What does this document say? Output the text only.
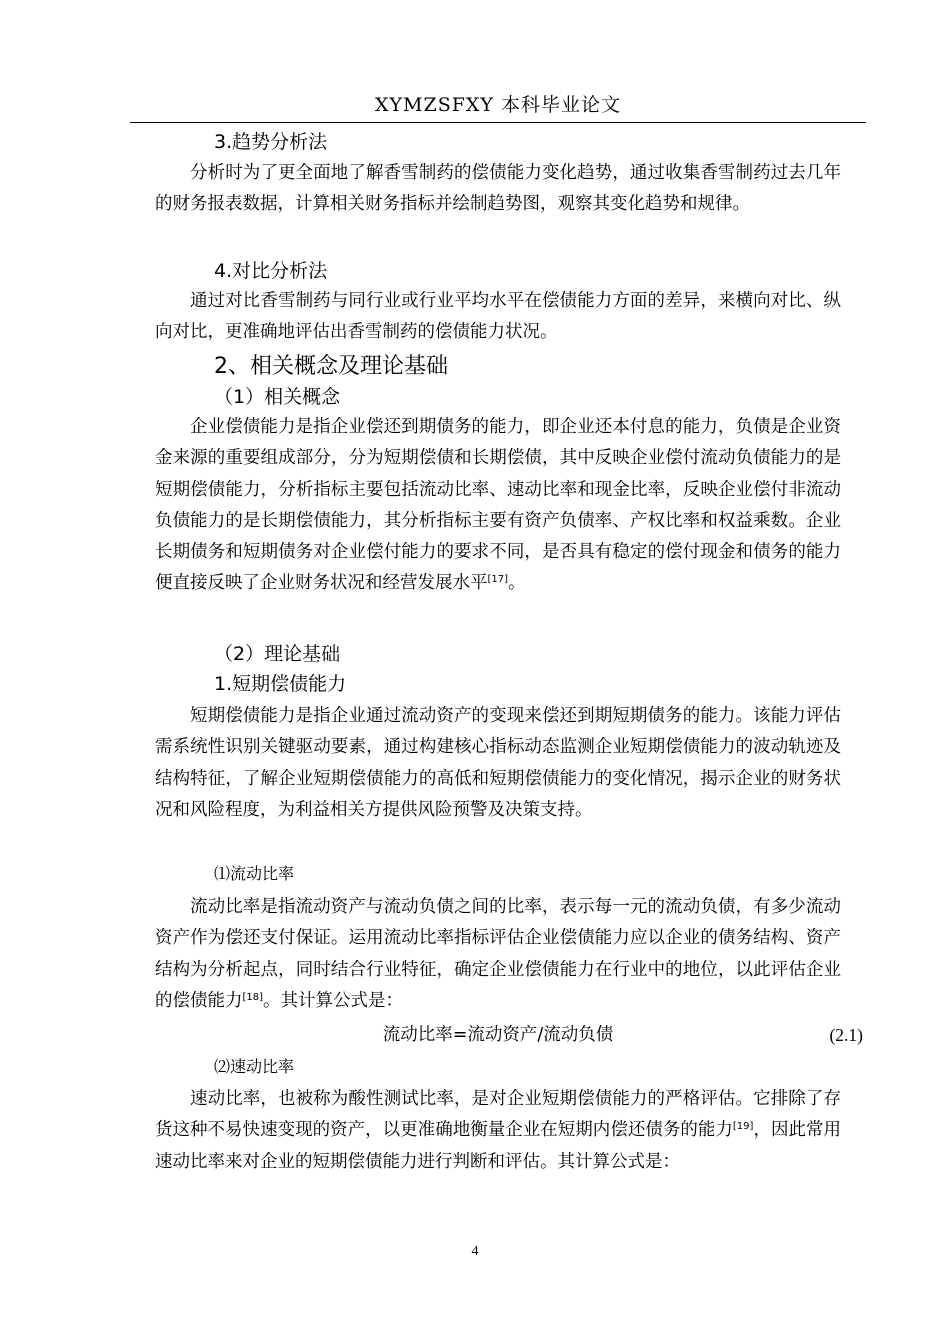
XYMZSFXY 本科毕业论文
3.趋势分析法

分析时为了更全面地了解香雪制药的偿债能力变化趋势，通过收集香雪制药过去几年的财务报表数据，计算相关财务指标并绘制趋势图，观察其变化趋势和规律。

4.对比分析法

通过对比香雪制药与同行业或行业平均水平在偿债能力方面的差异，来横向对比、纵向对比，更准确地评估出香雪制药的偿债能力状况。

2、相关概念及理论基础
（1）相关概念

企业偿债能力是指企业偿还到期债务的能力，即企业还本付息的能力，负债是企业资金来源的重要组成部分，分为短期偿债和长期偿债，其中反映企业偿付流动负债能力的是短期偿债能力，分析指标主要包括流动比率、速动比率和现金比率，反映企业偿付非流动负债能力的是长期偿债能力，其分析指标主要有资产负债率、产权比率和权益乘数。企业长期债务和短期债务对企业偿付能力的要求不同，是否具有稳定的偿付现金和债务的能力便直接反映了企业财务状况和经营发展水平[17]。

（2）理论基础
1.短期偿债能力

短期偿债能力是指企业通过流动资产的变现来偿还到期短期债务的能力。该能力评估需系统性识别关键驱动要素，通过构建核心指标动态监测企业短期偿债能力的波动轨迹及结构特征，了解企业短期偿债能力的高低和短期偿债能力的变化情况，揭示企业的财务状况和风险程度，为利益相关方提供风险预警及决策支持。

⑴流动比率

流动比率是指流动资产与流动负债之间的比率，表示每一元的流动负债，有多少流动资产作为偿还支付保证。运用流动比率指标评估企业偿债能力应以企业的债务结构、资产结构为分析起点，同时结合行业特征，确定企业偿债能力在行业中的地位，以此评估企业的偿债能力[18]。其计算公式是：

流动比率=流动资产/流动负债	(2.1)
⑵速动比率

速动比率，也被称为酸性测试比率，是对企业短期偿债能力的严格评估。它排除了存货这种不易快速变现的资产，以更准确地衡量企业在短期内偿还债务的能力[19]，因此常用速动比率来对企业的短期偿债能力进行判断和评估。其计算公式是：

4
